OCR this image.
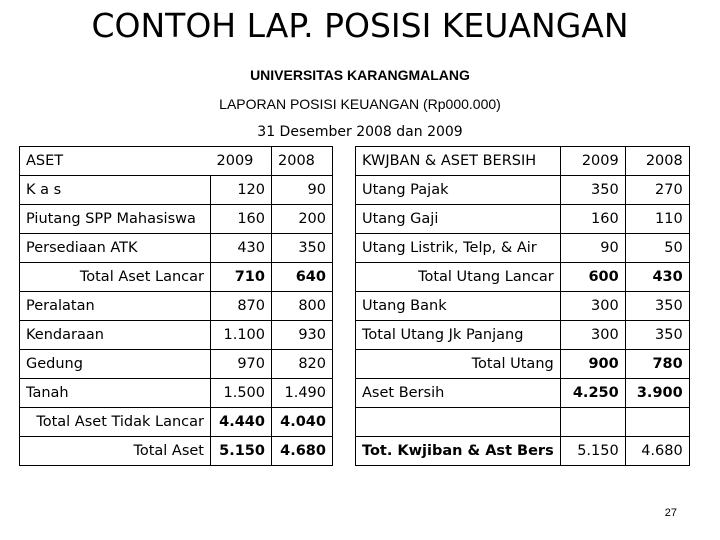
CONTOH LAP. POSISI KEUANGAN
UNIVERSITAS KARANGMALANG
LAPORAN POSISI KEUANGAN (Rp000.000)
31 Desember 2008 dan 2009
ASET	2009	2008
K a s	120	90
Piutang SPP Mahasiswa	160	200
Persediaan ATK	430	350
Total Aset Lancar	710	640
Peralatan	870	800
Kendaraan	1.100	930
Gedung	970	820
Tanah	1.500	1.490
Total Aset Tidak Lancar	4.440	4.040
Total Aset	5.150	4.680
KWJBAN & ASET BERSIH	2009	2008
Utang Pajak	350	270
Utang Gaji	160	110
Utang Listrik, Telp, & Air	90	50
Total Utang Lancar	600	430
Utang Bank	300	350
Total Utang Jk Panjang	300	350
Total Utang	900	780
Aset Bersih	4.250	3.900

Tot. Kwjiban & Ast Bers	5.150	4.680
27
